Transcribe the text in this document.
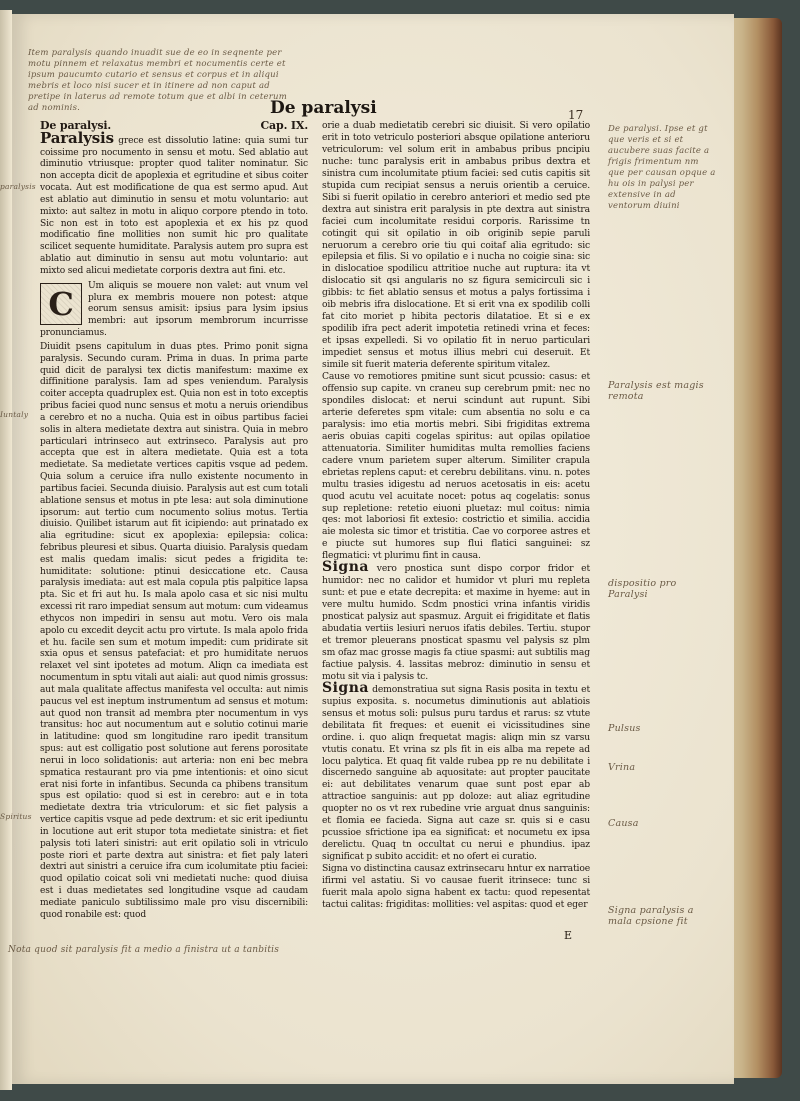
Item paralysis quando inuadit sue de eo in seqnente per motu pinnem et relaxatus membri et nocumentis certe et ipsum paucumto cutario et sensus et corpus et in aliqui mebris et loco nisi sucer et in itinere ad non caput ad pretipe in laterus ad remote totum que et albi in ceterum ad nominis.	De paralysi	17
De paralysi.	Cap. IX.

Paralysis grece est dissolutio latine: quia sumi tur coissime pro nocumento in sensu et motu. Sed ablatio aut diminutio vtriusque: propter quod taliter nominatur. Sic non accepta dicit de apoplexia et egritudine et sibus coiter vocata. Aut est modificatione de qua est sermo apud. Aut est ablatio aut diminutio in sensu et motu voluntario: aut mixto: aut saltez in motu in aliquo corpore ptendo in toto. Sic non est in toto est apoplexia et ex his pz quod modificatio fine mollities non sumit hic pro qualitate scilicet sequente humiditate. Paralysis autem pro supra est ablatio aut diminutio in sensu aut motu voluntario: aut mixto sed alicui medietate corporis dextra aut fini. etc.

C	Um aliquis se mouere non valet: aut vnum vel plura ex membris mouere non potest: atque eorum sensus amisit: ipsius para lysim ipsius membri: aut ipsorum membrorum incurrisse pronunciamus.

Diuidit psens capitulum in duas ptes. Primo ponit signa paralysis. Secundo curam. Prima in duas. In prima parte quid dicit de paralysi tex dictis manifestum: maxime ex diffinitione paralysis. Iam ad spes veniendum. Paralysis coiter accepta quadruplex est. Quia non est in toto exceptis pribus faciei quod nunc sensus et motu a neruis oriendibus a cerebro et no a nucha. Quia est in oibus partibus faciei solis in altera medietate dextra aut sinistra. Quia in mebro particulari intrinseco aut extrinseco. Paralysis aut pro accepta que est in altera medietate. Quia est a tota medietate. Sa medietate vertices capitis vsque ad pedem. Quia solum a ceruice ifra nullo existente nocumento in partibus faciei. Secunda diuisio. Paralysis aut est cum totali ablatione sensus et motus in pte lesa: aut sola diminutione ipsorum: aut tertio cum nocumento solius motus. Tertia diuisio. Quilibet istarum aut fit icipiendo: aut prinatado ex alia egritudine: sicut ex apoplexia: epilepsia: colica: febribus pleuresi et sibus. Quarta diuisio. Paralysis quedam est malis quedam imalis: sicut pedes a frigidita te: humiditate: solutione: ptinui desiccatione etc. Causa paralysis imediata: aut est mala copula ptis palpitice lapsa pta. Sic et fri aut hu. Is mala apolo casa et sic nisi multu excessi rit raro impediat sensum aut motum: cum videamus ethycos non impediri in sensu aut motu. Vero ois mala apolo cu excedit deycit actu pro virtute. Is mala apolo frida et hu. facile sen sum et motum impedit: cum pridirate sit sxia opus et sensus patefaciat: et pro humiditate neruos relaxet vel sint ipotetes ad motum. Aliqn ca imediata est nocumentum in sptu vitali aut aiali: aut quod nimis grossus: aut mala qualitate affectus manifesta vel occulta: aut nimis paucus vel est ineptum instrumentum ad sensus et motum: aut quod non transit ad membra pter nocumentum in vys transitus: hoc aut nocumentum aut e solutio cotinui marie in latitudine: quod sm longitudine raro ipedit transitum spus: aut est colligatio post solutione aut ferens porositate nerui in loco solidationis: aut arteria: non eni bec mebra spmatica restaurant pro via pme intentionis: et oino sicut erat nisi forte in infantibus. Secunda ca phibens transitum spus est opilatio: quod si est in cerebro: aut e in tota medietate dextra tria vtriculorum: et sic fiet palysis a vertice capitis vsque ad pede dextrum: et sic erit ipediuntu in locutione aut erit stupor tota medietate sinistra: et fiet palysis toti lateri sinistri: aut erit opilatio soli in vtriculo poste riori et parte dextra aut sinistra: et fiet paly lateri dextri aut sinistri a ceruice ifra cum icolumitate ptiu faciei: quod opilatio coicat soli vni medietati nuche: quod diuisa est i duas medietates sed longitudine vsque ad caudam mediate paniculo subtilissimo male pro visu discernibili: quod ronabile est: quod

orie a duab medietatib cerebri sic diuisit. Si vero opilatio erit in toto vetriculo posteriori absque opilatione anterioru vetriculorum: vel solum erit in ambabus pribus pncipiu nuche: tunc paralysis erit in ambabus pribus dextra et sinistra cum incolumitate ptium faciei: sed cutis capitis sit stupida cum recipiat sensus a neruis orientib a ceruice. Sibi si fuerit opilatio in cerebro anteriori et medio sed pte dextra aut sinistra erit paralysis in pte dextra aut sinistra faciei cum incolumitate residui corporis. Rarissime tn cotingit qui sit opilatio in oib originib sepie paruli neruorum a cerebro orie tiu qui coitaf alia egritudo: sic epilepsia et filis. Si vo opilatio e i nucha no coigie sina: sic in dislocatioe spodilicu attritioe nuche aut ruptura: ita vt dislocatio sit qsi angularis no sz figura semicirculi sic i gibbis: tc fiet ablatio sensus et motus a palys fortissima i oib mebris ifra dislocatione. Et si erit vna ex spodilib colli fat cito moriet p hibita pectoris dilatatioe. Et si e ex spodilib ifra pect aderit impotetia retinedi vrina et feces: et ipsas expelledi. Si vo opilatio fit in neruo particulari impediet sensus et motus illius mebri cui deseruit. Et simile sit fuerit materia deferente spiritum vitalez.

Cause vo remotiores pmitine sunt sicut pcussio: casus: et offensio sup capite. vn craneu sup cerebrum pmit: nec no spondiles dislocat: et nerui scindunt aut rupunt. Sibi arterie deferetes spm vitale: cum absentia no solu e ca paralysis: imo etia mortis mebri. Sibi frigiditas extrema aeris obuias capiti cogelas spiritus: aut opilas opilatioe attenuatoria. Similiter humiditas multa remollies faciens cadere vnum parietem super alterum. Similiter crapula ebrietas replens caput: et cerebru debilitans. vinu. n. potes multu trasies idigestu ad neruos acetosatis in eis: acetu quod acutu vel acuitate nocet: potus aq cogelatis: sonus sup repletione: retetio eiuoni pluetaz: mul coitus: nimia qes: mot laboriosi fit extesio: costrictio et similia. accidia aie molesta sic timor et tristitia. Cae vo corporee astres et e piucte sut humores sup flui flatici sanguinei: sz flegmatici: vt plurimu fint in causa.

Signa vero pnostica sunt dispo corpor fridor et humidor: nec no calidor et humidor vt pluri mu repleta sunt: et pue e etate decrepita: et maxime in hyeme: aut in vere multu humido. Scdm pnostici vrina infantis viridis pnosticat palysiz aut spasmuz. Arguit ei frigiditate et flatis abudatia vertiis lesiuri neruos ifatis debiles. Tertiu. stupor et tremor pleuerans pnosticat spasmu vel palysis sz plm sm ofaz mac grosse magis fa ctiue spasmi: aut subtilis mag factiue palysis. 4. lassitas mebroz: diminutio in sensu et motu sit via i palysis tc.

Signa demonstratiua sut signa Rasis posita in textu et supius exposita. s. nocumetus diminutionis aut ablatiois sensus et motus soli: pulsus puru tardus et rarus: sz vtute debilitata fit freques: et euenit ei vicissitudines sine ordine. i. quo aliqn frequetat magis: aliqn min sz varsu vtutis conatu. Et vrina sz pls fit in eis alba ma repete ad locu palytica. Et quaq fit valde rubea pp re nu debilitate i discernedo sanguine ab aquositate: aut propter paucitate ei: aut debilitates venarum quae sunt post epar ab attractioe sanguinis: aut pp doloze: aut aliaz egritudine quopter no os vt rex rubedine vrie arguat dnus sanguinis: et flomia ee facieda. Signa aut caze sr. quis si e casu pcussioe sfrictione ipa ea significat: et nocumetu ex ipsa derelictu. Quaq tn occultat cu nerui e phundius. ipaz significat p subito accidit: et no ofert ei curatio.

Signa vo distinctina causaz extrinsecaru hntur ex narratioe ifirmi vel astatiu. Si vo causae fuerit itrinsece: tunc si fuerit mala apolo signa habent ex tactu: quod repesentat tactui calitas: frigiditas: mollities: vel aspitas: quod et eger

E
De paralysi. Ipse et gt que veris et si et aucubere suas facite a frigis frimentum nm que per causan opque a hu ois in palysi per extensive in ad ventorum diuini
Paralysis est magis remota
dispositio pro Paralysi
Pulsus
Vrina
Causa
Signa paralysis a mala cpsione fit
paralysis
Iuntaly
Spiritus
Nota quod sit paralysis fit a medio a finistra ut a tanbitis
